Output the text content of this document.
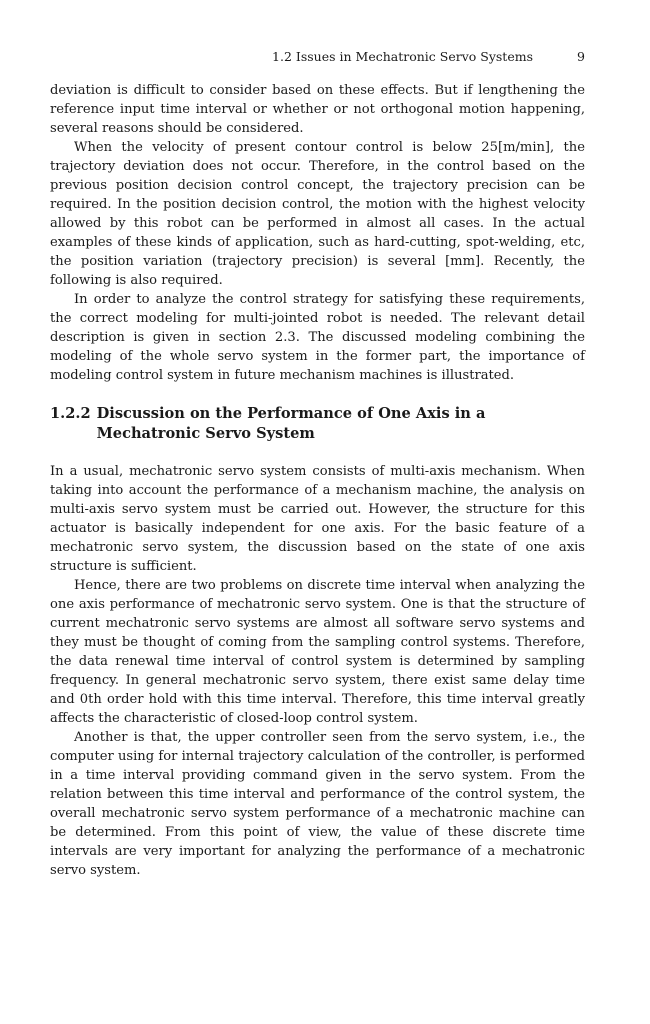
1.2 Issues in Mechatronic Servo Systems	9

deviation is difficult to consider based on these effects. But if lengthening the reference input time interval or whether or not orthogonal motion happening, several reasons should be considered.

When the velocity of present contour control is below 25[m/min], the trajectory deviation does not occur. Therefore, in the control based on the previous position decision control concept, the trajectory precision can be required. In the position decision control, the motion with the highest velocity allowed by this robot can be performed in almost all cases. In the actual examples of these kinds of application, such as hard-cutting, spot-welding, etc, the position variation (trajectory precision) is several [mm]. Recently, the following is also required.

In order to analyze the control strategy for satisfying these requirements, the correct modeling for multi-jointed robot is needed. The relevant detail description is given in section 2.3. The discussed modeling combining the modeling of the whole servo system in the former part, the importance of modeling control system in future mechanism machines is illustrated.

1.2.2 Discussion on the Performance of One Axis in a Mechatronic Servo System

In a usual, mechatronic servo system consists of multi-axis mechanism. When taking into account the performance of a mechanism machine, the analysis on multi-axis servo system must be carried out. However, the structure for this actuator is basically independent for one axis. For the basic feature of a mechatronic servo system, the discussion based on the state of one axis structure is sufficient.

Hence, there are two problems on discrete time interval when analyzing the one axis performance of mechatronic servo system. One is that the structure of current mechatronic servo systems are almost all software servo systems and they must be thought of coming from the sampling control systems. Therefore, the data renewal time interval of control system is determined by sampling frequency. In general mechatronic servo system, there exist same delay time and 0th order hold with this time interval. Therefore, this time interval greatly affects the characteristic of closed-loop control system.

Another is that, the upper controller seen from the servo system, i.e., the computer using for internal trajectory calculation of the controller, is performed in a time interval providing command given in the servo system. From the relation between this time interval and performance of the control system, the overall mechatronic servo system performance of a mechatronic machine can be determined. From this point of view, the value of these discrete time intervals are very important for analyzing the performance of a mechatronic servo system.
